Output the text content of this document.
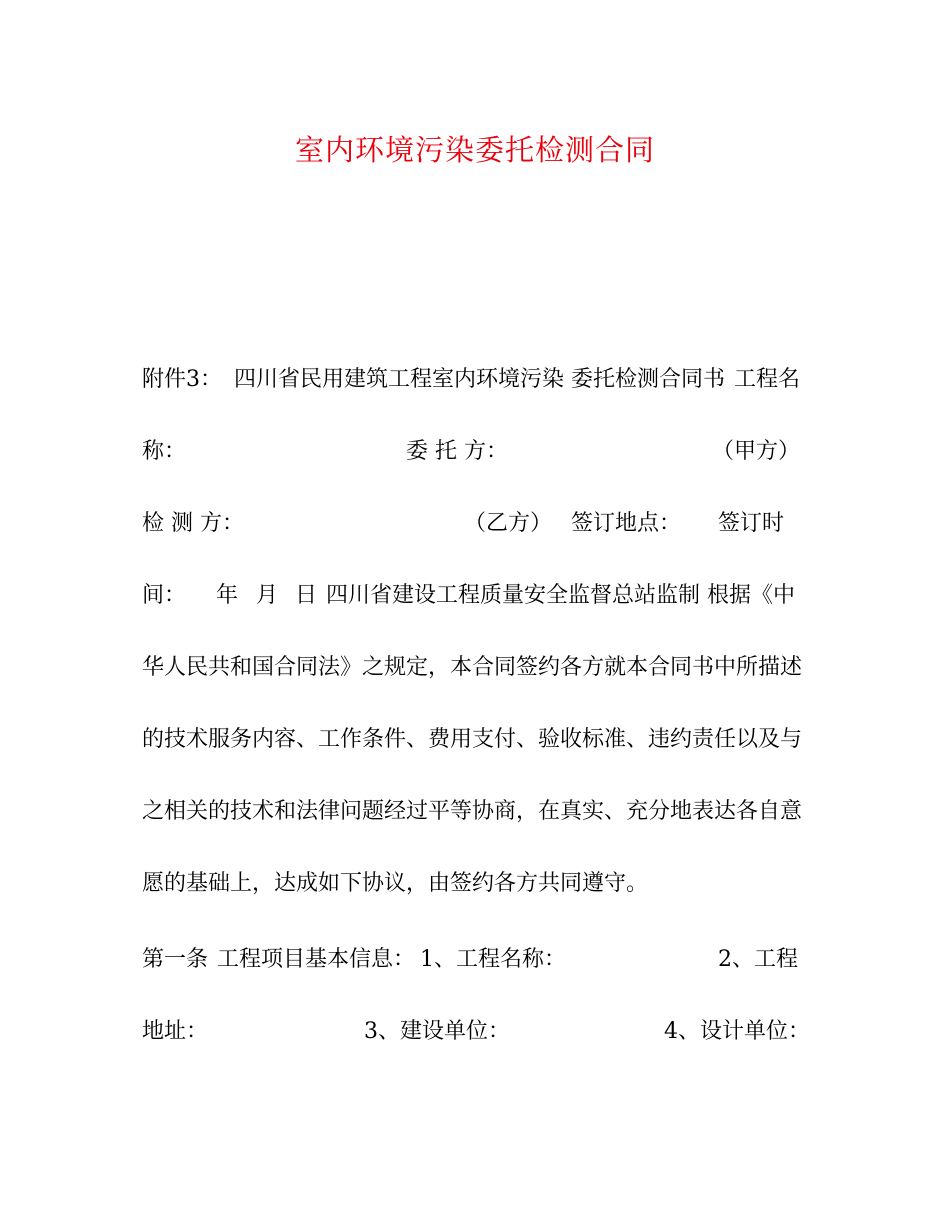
室内环境污染委托检测合同
附件3： 四川省民用建筑工程室内环境污染 委托检测合同书 工程名
称：	委 托 方：	（甲方）
检 测 方：	（乙方） 签订地点： 签订时
间： 年 月 日 四川省建设工程质量安全监督总站监制 根据《中
华人民共和国合同法》之规定，本合同签约各方就本合同书中所描述
的技术服务内容、工作条件、费用支付、验收标准、违约责任以及与
之相关的技术和法律问题经过平等协商，在真实、充分地表达各自意
愿的基础上，达成如下协议，由签约各方共同遵守。
第一条 工程项目基本信息： 1、工程名称：	2、工程
地址：	3、建设单位：	4、设计单位：
